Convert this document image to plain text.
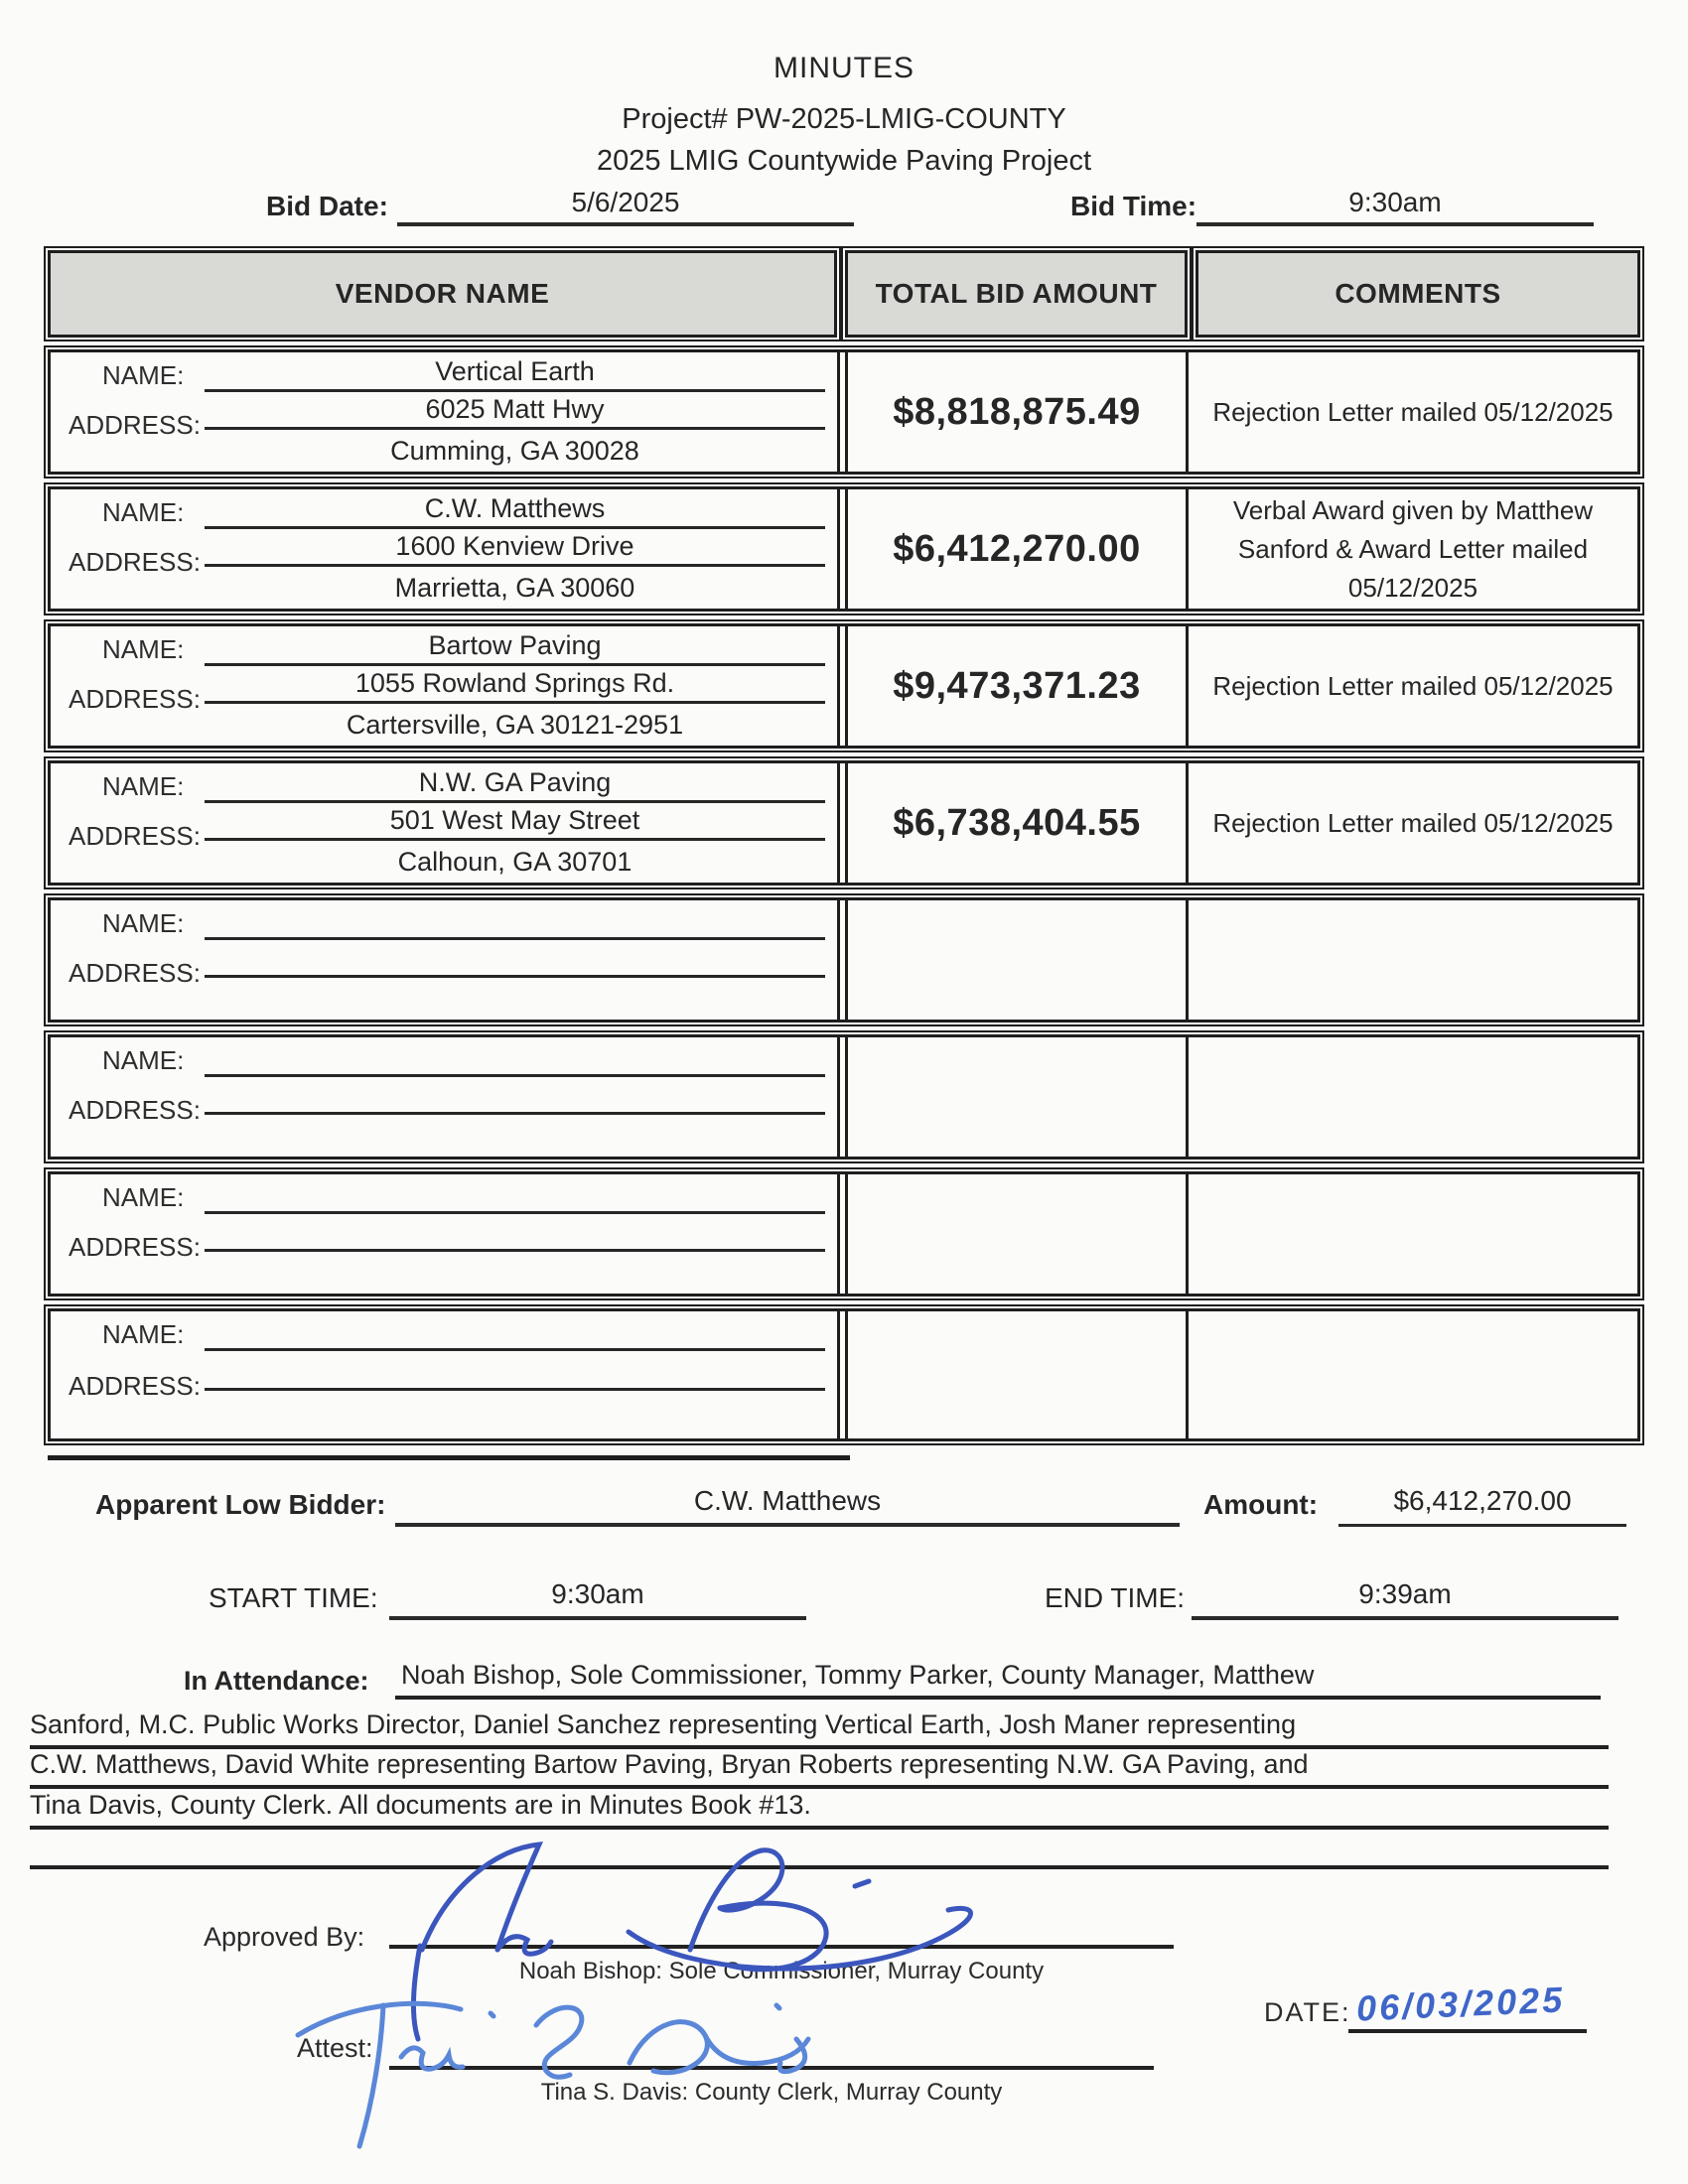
MINUTES
Project# PW-2025-LMIG-COUNTY
2025 LMIG Countywide Paving Project
Bid Date:	5/6/2025	Bid Time:	9:30am
VENDOR NAME	TOTAL BID AMOUNT	COMMENTS
NAME:
ADDRESS:
Vertical Earth
6025 Matt Hwy
Cumming, GA 30028
$8,818,875.49	Rejection Letter mailed 05/12/2025
NAME:
ADDRESS:
C.W. Matthews
1600 Kenview Drive
Marrietta, GA 30060
$6,412,270.00
Verbal Award given by Matthew Sanford & Award Letter mailed 05/12/2025
NAME:
ADDRESS:
Bartow Paving
1055 Rowland Springs Rd.
Cartersville, GA 30121-2951
$9,473,371.23	Rejection Letter mailed 05/12/2025
NAME:
ADDRESS:
N.W. GA Paving
501 West May Street
Calhoun, GA 30701
$6,738,404.55	Rejection Letter mailed 05/12/2025
NAME:
ADDRESS:
NAME:
ADDRESS:
NAME:
ADDRESS:
NAME:
ADDRESS:
Apparent Low Bidder:	C.W. Matthews	Amount:	$6,412,270.00
START TIME:	9:30am	END TIME:	9:39am
In Attendance: Noah Bishop, Sole Commissioner, Tommy Parker, County Manager, Matthew
Sanford, M.C. Public Works Director, Daniel Sanchez representing Vertical Earth, Josh Maner representing
C.W. Matthews, David White representing Bartow Paving, Bryan Roberts representing N.W. GA Paving, and
Tina Davis, County Clerk. All documents are in Minutes Book #13.
Approved By:
Noah Bishop: Sole Commissioner, Murray County
DATE: 06/03/2025
Attest:
Tina S. Davis: County Clerk, Murray County
